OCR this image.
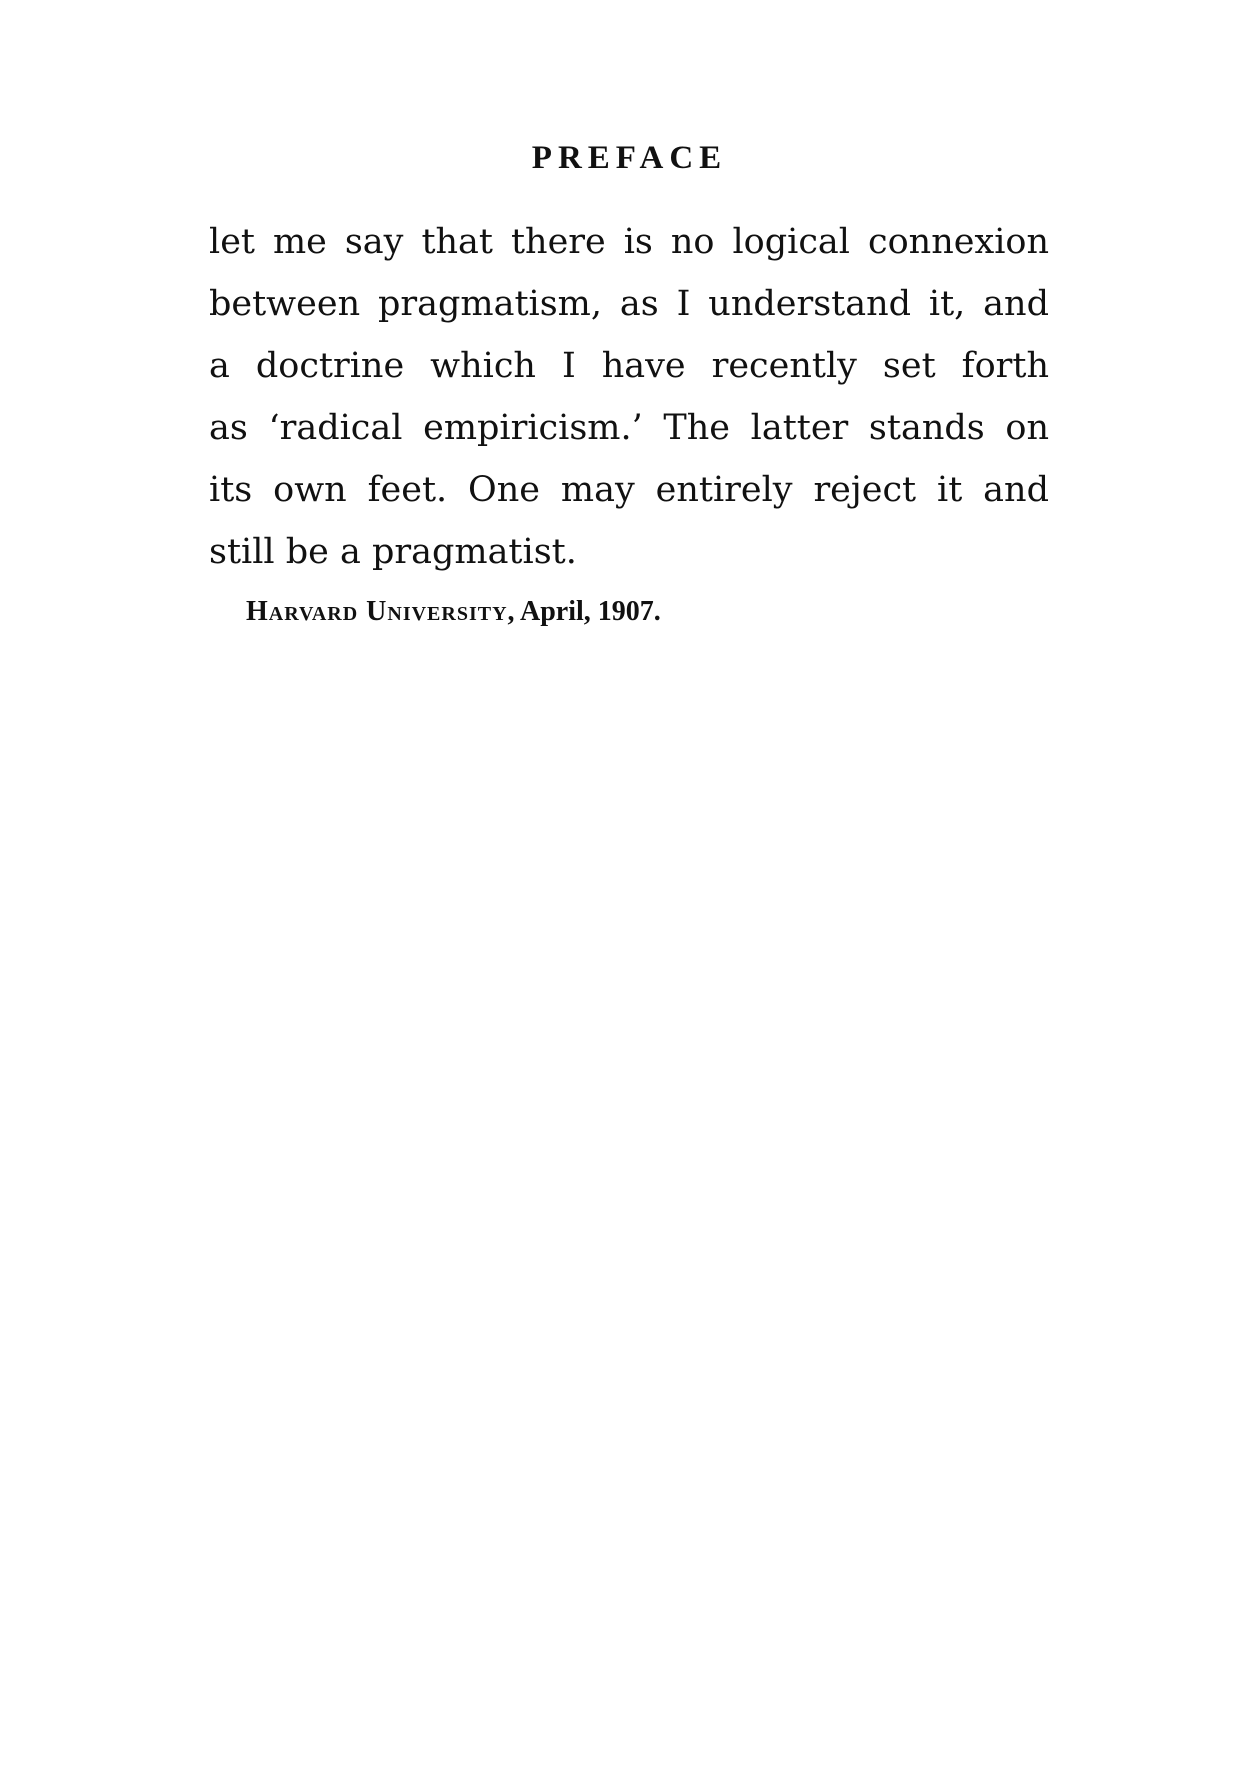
PREFACE

let me say that there is no logical connexion
between pragmatism, as I understand it, and
a doctrine which I have recently set forth
as ‘radical empiricism.’ The latter stands on
its own feet. One may entirely reject it and
still be a pragmatist.

Harvard University, April, 1907.
